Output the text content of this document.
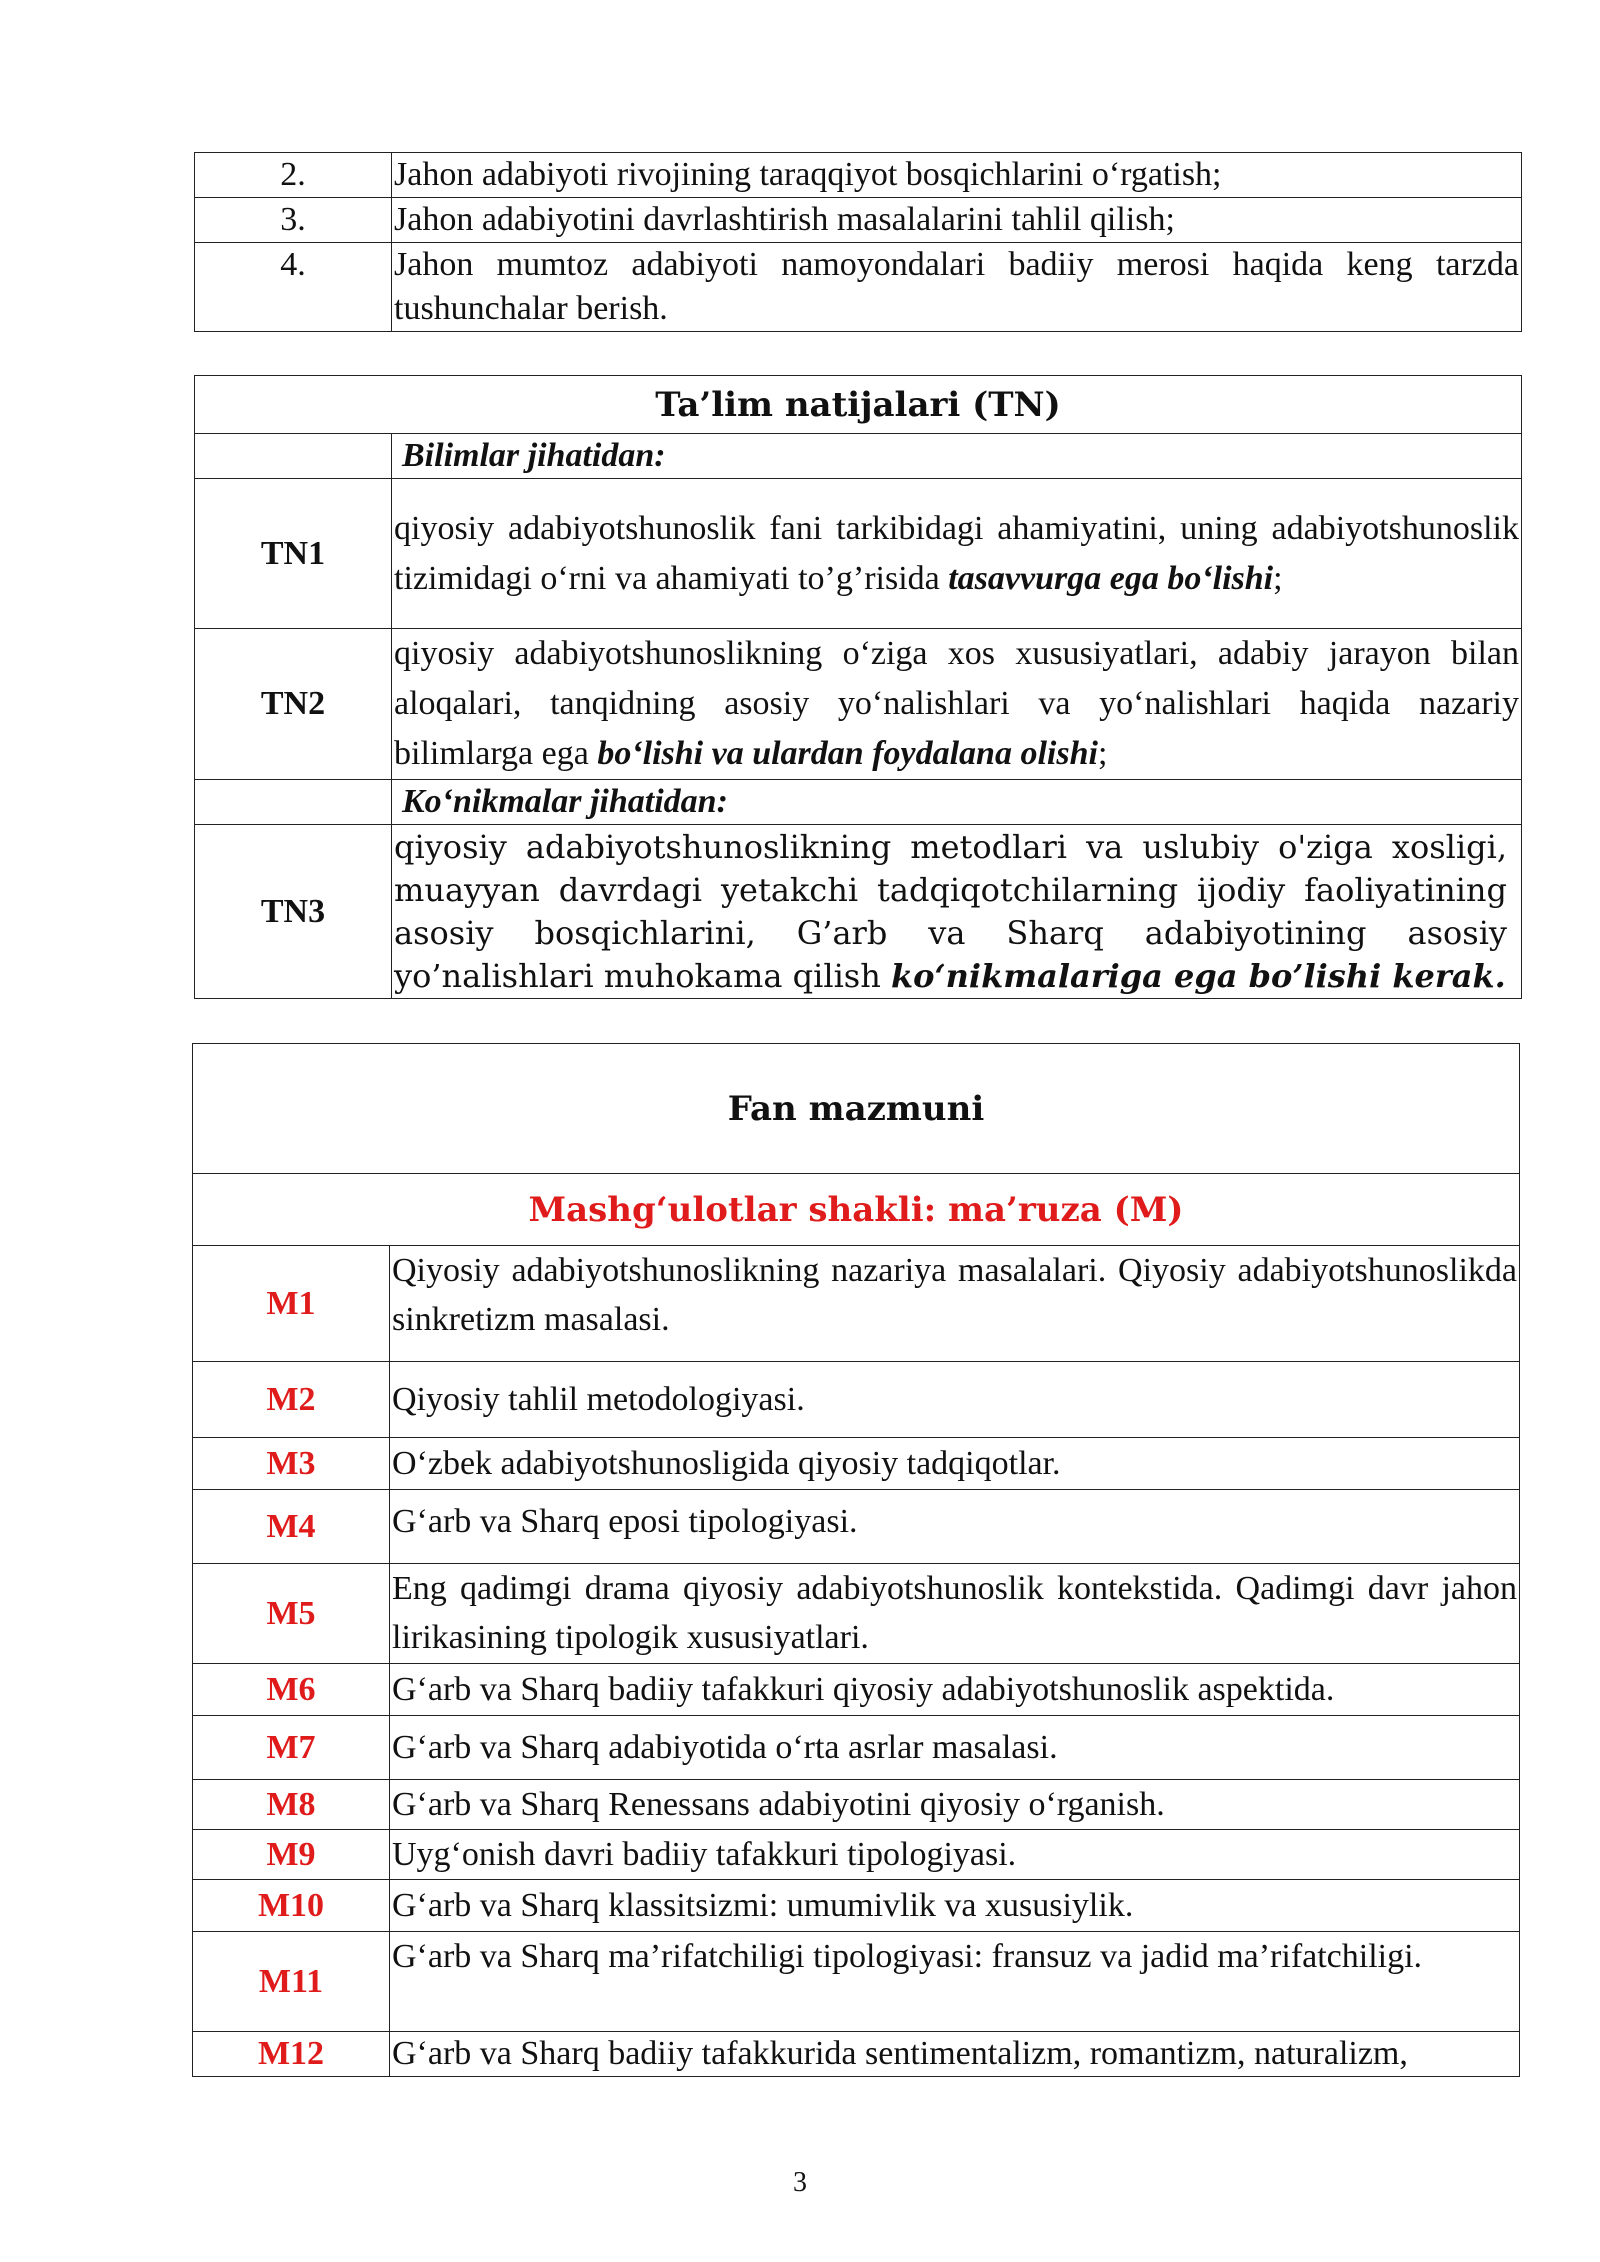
2.	Jahon adabiyoti rivojining taraqqiyot bosqichlarini o‘rgatish;
3.	Jahon adabiyotini davrlashtirish masalalarini tahlil qilish;
4.	Jahon mumtoz adabiyoti namoyondalari badiiy merosi haqida keng tarzda tushunchalar berish.
Ta’lim natijalari (TN)	
	Bilimlar jihatidan:
TN1	qiyosiy adabiyotshunoslik fani tarkibidagi ahamiyatini, uning adabiyotshunoslik tizimidagi o‘rni va ahamiyati to’g’risida tasavvurga ega bo‘lishi;
TN2	qiyosiy adabiyotshunoslikning o‘ziga xos xususiyatlari, adabiy jarayon bilan aloqalari, tanqidning asosiy yo‘nalishlari va yo‘nalishlari haqida nazariy bilimlarga ega bo‘lishi va ulardan foydalana olishi;
	Ko‘nikmalar jihatidan:
TN3	qiyosiy adabiyotshunoslikning metodlari va uslubiy o'ziga xosligi, muayyan davrdagi yetakchi tadqiqotchilarning ijodiy faoliyatining asosiy bosqichlarini, G’arb va Sharq adabiyotining asosiy yo’nalishlari muhokama qilish ko‘nikmalariga ega bo’lishi kerak.
Fan mazmuni	
Mashg‘ulotlar shakli: ma’ruza (M)	
M1	Qiyosiy adabiyotshunoslikning nazariya masalalari. Qiyosiy adabiyotshunoslikda sinkretizm masalasi.
M2	Qiyosiy tahlil metodologiyasi.
M3	O‘zbek adabiyotshunosligida qiyosiy tadqiqotlar.
M4	G‘arb va Sharq eposi tipologiyasi.
M5	Eng qadimgi drama qiyosiy adabiyotshunoslik kontekstida. Qadimgi davr jahon lirikasining tipologik xususiyatlari.
M6	G‘arb va Sharq badiiy tafakkuri qiyosiy adabiyotshunoslik aspektida.
M7	G‘arb va Sharq adabiyotida o‘rta asrlar masalasi.
M8	G‘arb va Sharq Renessans adabiyotini qiyosiy o‘rganish.
M9	Uyg‘onish davri badiiy tafakkuri tipologiyasi.
M10	G‘arb va Sharq klassitsizmi: umumivlik va xususiylik.
M11	G‘arb va Sharq ma’rifatchiligi tipologiyasi: fransuz va jadid ma’rifatchiligi.
M12	G‘arb va Sharq badiiy tafakkurida sentimentalizm, romantizm, naturalizm,
3
